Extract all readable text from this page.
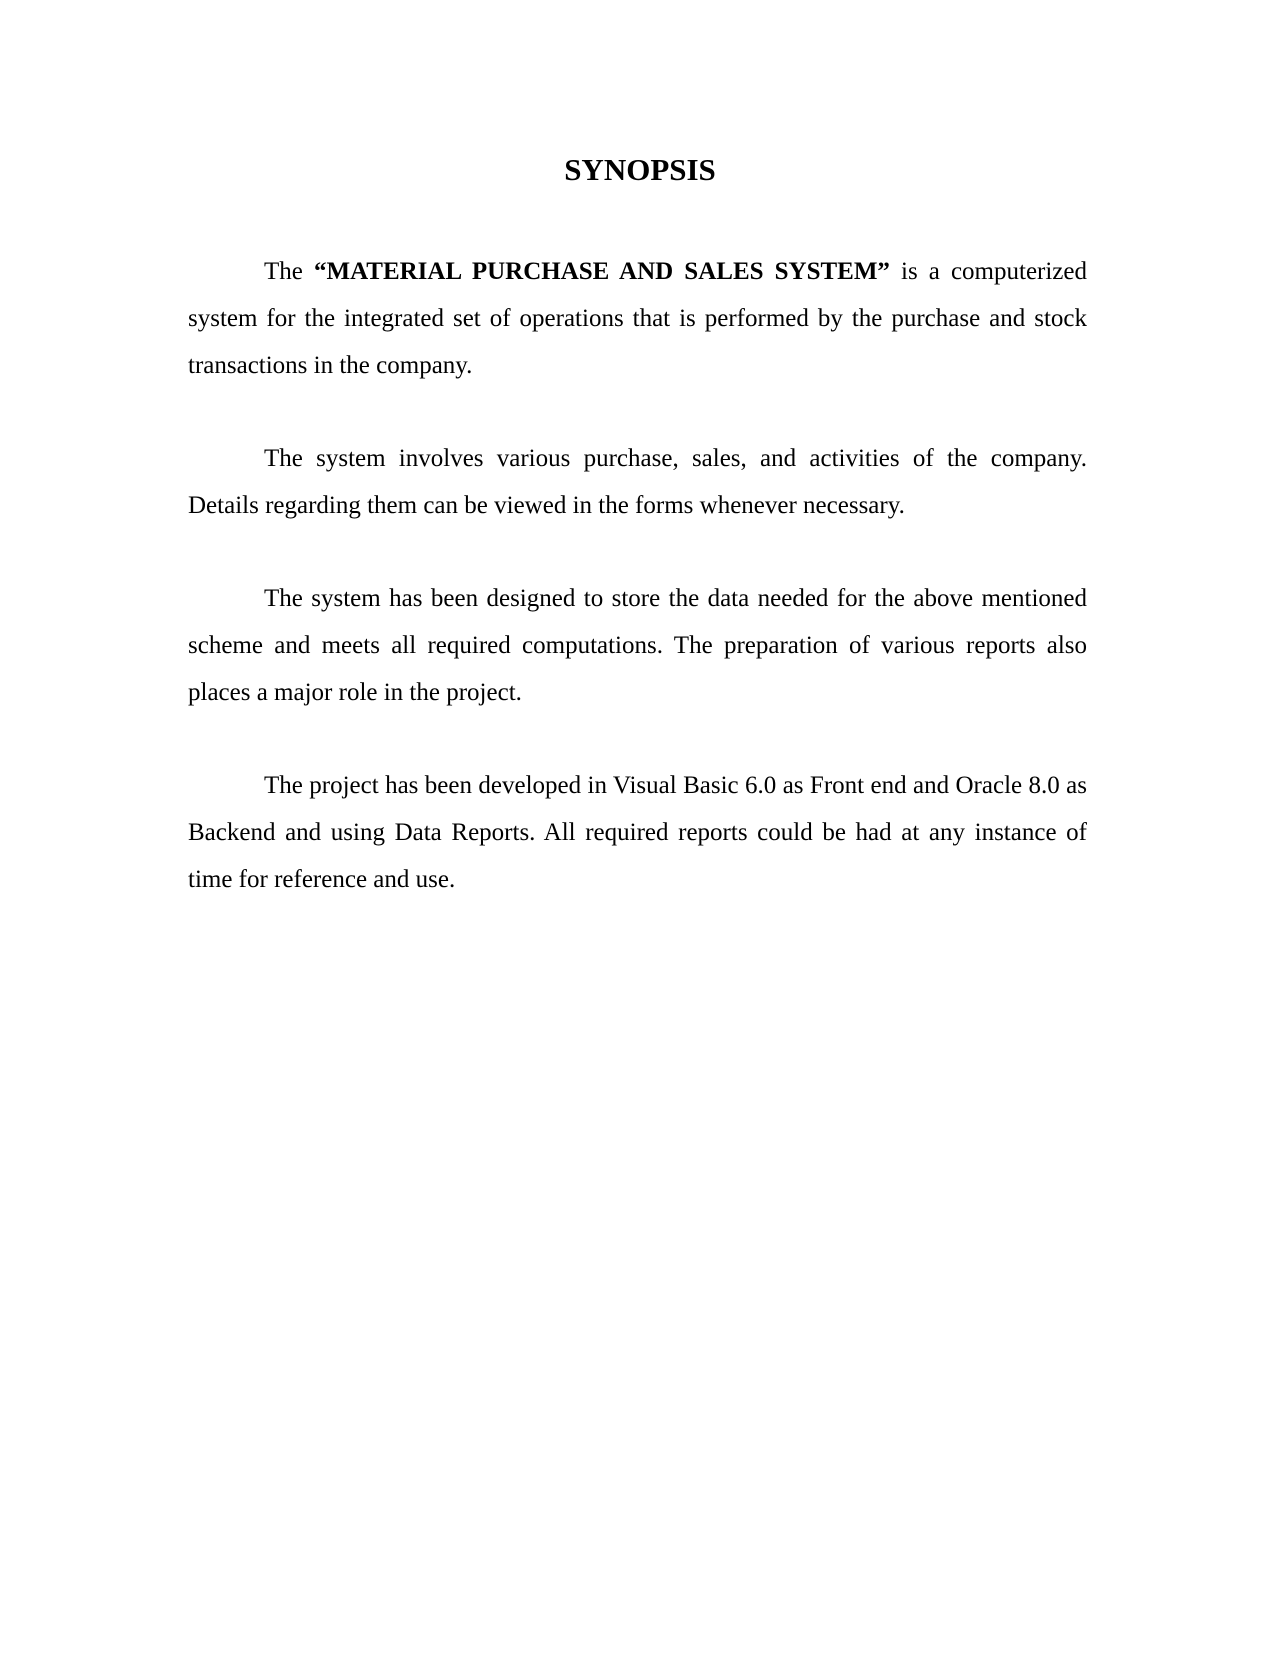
SYNOPSIS

The “MATERIAL PURCHASE AND SALES SYSTEM” is a computerized system for the integrated set of operations that is performed by the purchase and stock transactions in the company.

The system involves various purchase, sales, and activities of the company. Details regarding them can be viewed in the forms whenever necessary.

The system has been designed to store the data needed for the above mentioned scheme and meets all required computations. The preparation of various reports also places a major role in the project.

The project has been developed in Visual Basic 6.0 as Front end and Oracle 8.0 as Backend and using Data Reports. All required reports could be had at any instance of time for reference and use.
